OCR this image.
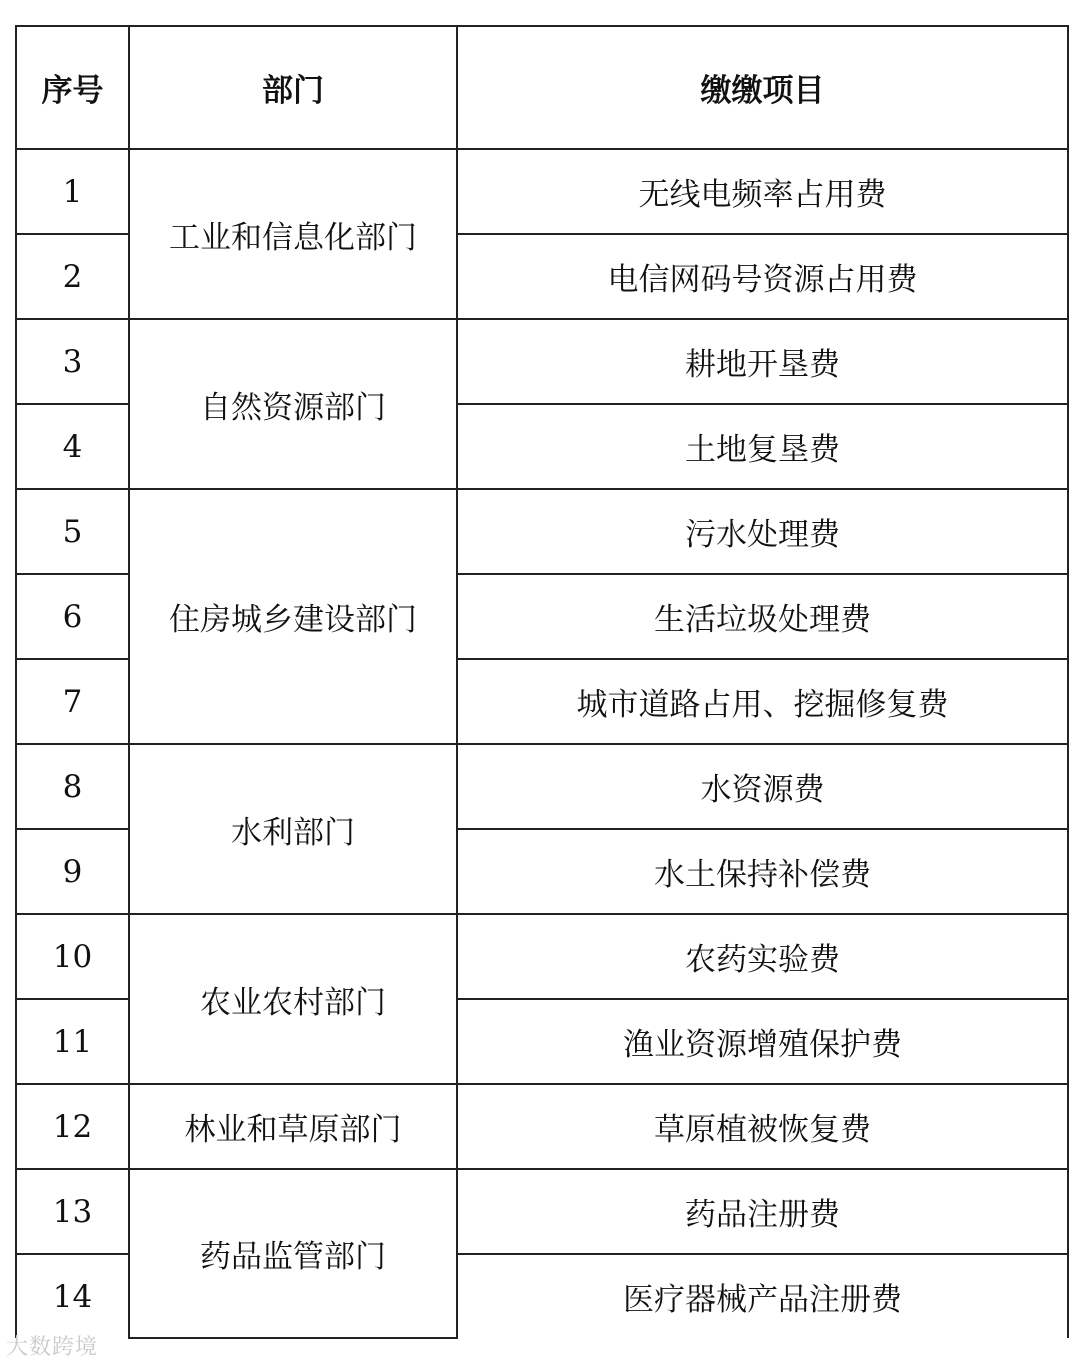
序号	部门	缴缴项目
1	工业和信息化部门	无线电频率占用费
2		电信网码号资源占用费
3	自然资源部门	耕地开垦费
4		土地复垦费
5	住房城乡建设部门	污水处理费
6		生活垃圾处理费
7		城市道路占用、挖掘修复费
8	水利部门	水资源费
9		水土保持补偿费
10	农业农村部门	农药实验费
11		渔业资源增殖保护费
12	林业和草原部门	草原植被恢复费
13	药品监管部门	药品注册费
14		医疗器械产品注册费
大数跨境
